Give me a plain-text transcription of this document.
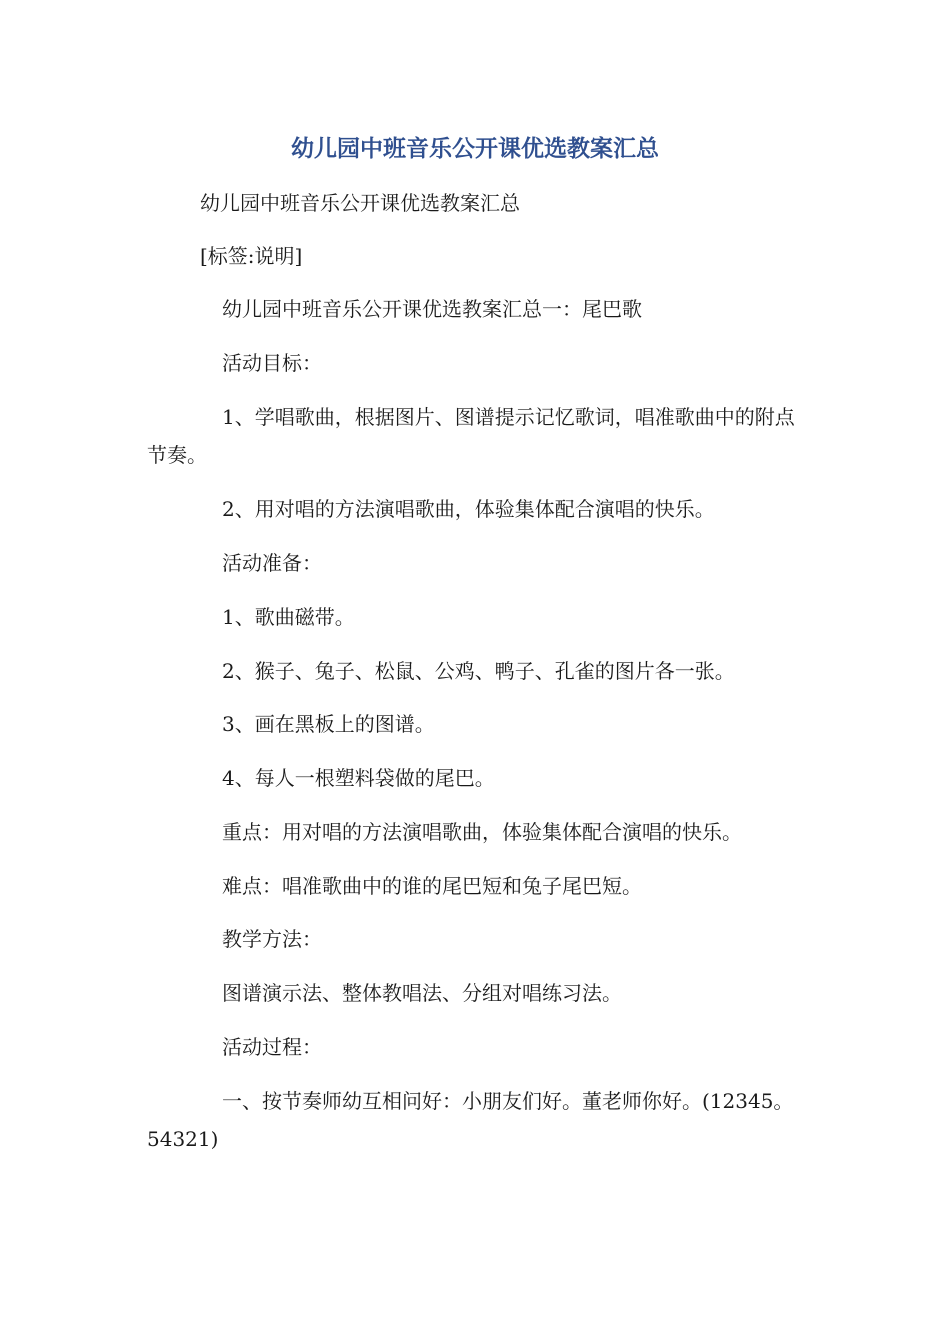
幼儿园中班音乐公开课优选教案汇总

幼儿园中班音乐公开课优选教案汇总

[标签:说明]

幼儿园中班音乐公开课优选教案汇总一：尾巴歌

活动目标：

1、学唱歌曲，根据图片、图谱提示记忆歌词，唱准歌曲中的附点节奏。

2、用对唱的方法演唱歌曲，体验集体配合演唱的快乐。

活动准备：

1、歌曲磁带。

2、猴子、兔子、松鼠、公鸡、鸭子、孔雀的图片各一张。

3、画在黑板上的图谱。

4、每人一根塑料袋做的尾巴。

重点：用对唱的方法演唱歌曲，体验集体配合演唱的快乐。

难点：唱准歌曲中的谁的尾巴短和兔子尾巴短。

教学方法：

图谱演示法、整体教唱法、分组对唱练习法。

活动过程：

一、按节奏师幼互相问好：小朋友们好。董老师你好。(12345。54321)
